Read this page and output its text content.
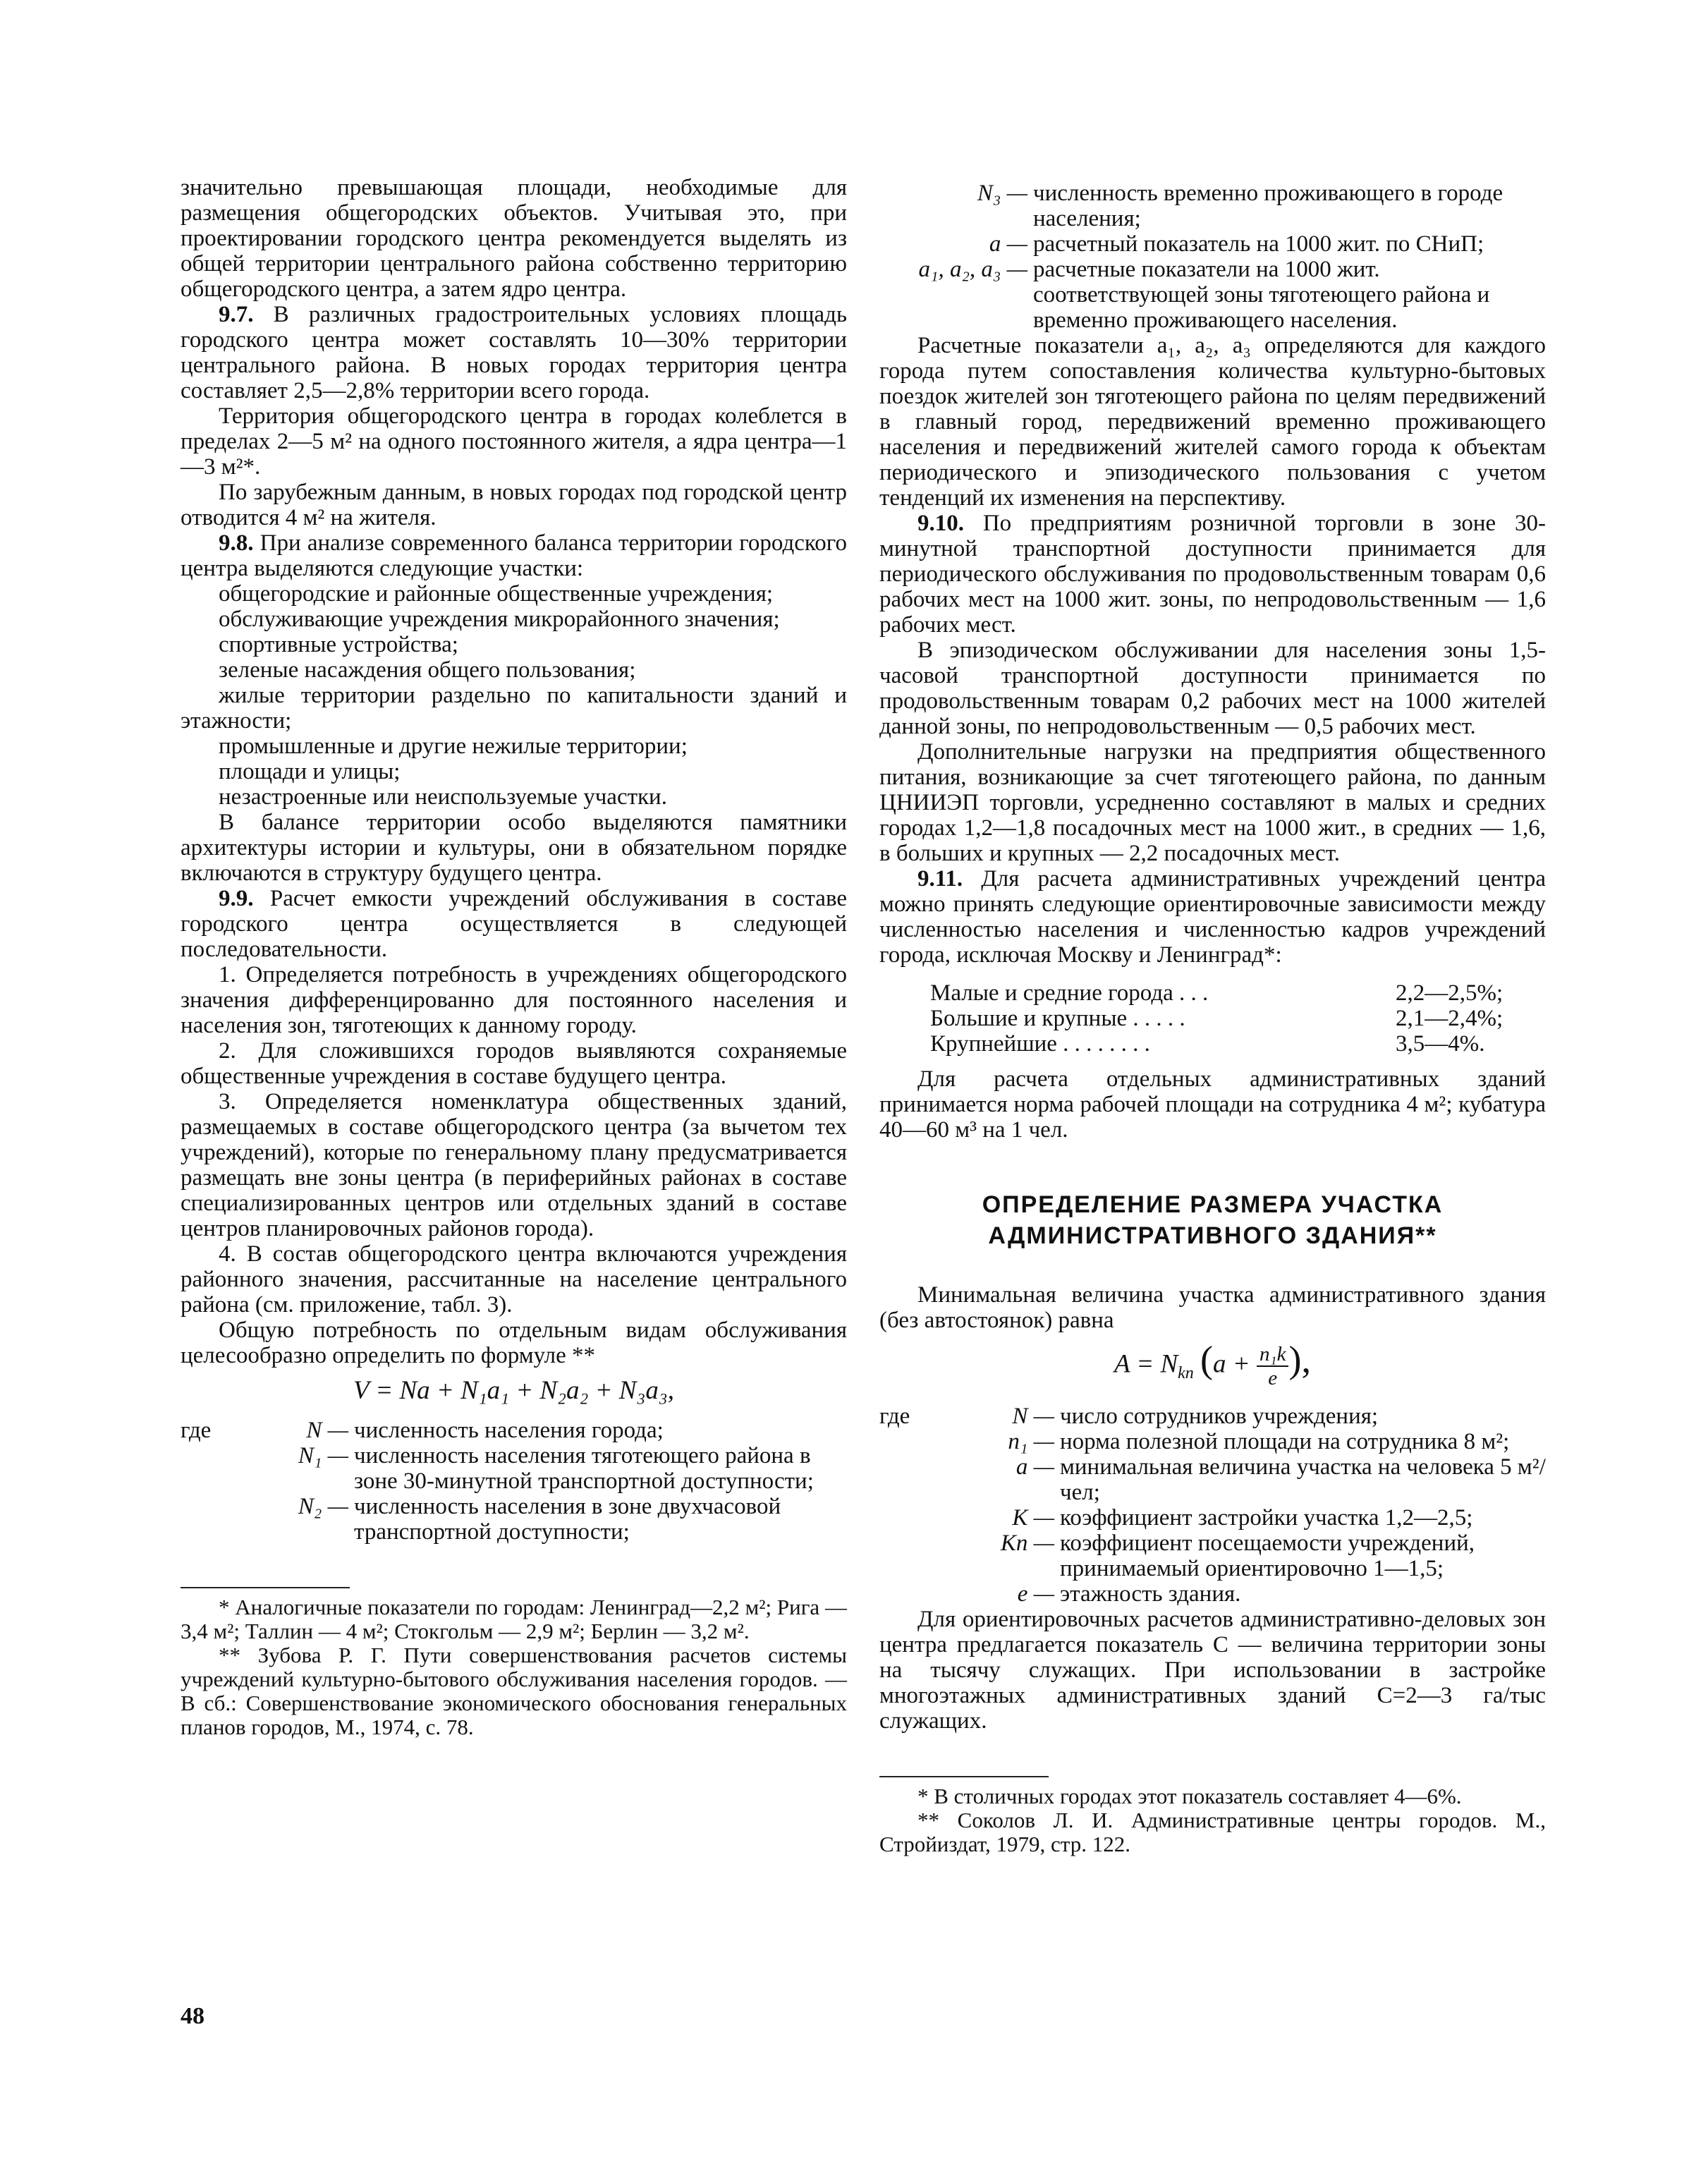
значительно превышающая площади, необходимые для размещения общегородских объектов. Учитывая это, при проектировании городского центра рекомендуется выделять из общей территории центрального района собственно территорию общегородского центра, а затем ядро центра.

9.7. В различных градостроительных условиях площадь городского центра может составлять 10—30% территории центрального района. В новых городах территория центра составляет 2,5—2,8% территории всего города.

Территория общегородского центра в городах колеблется в пределах 2—5 м² на одного постоянного жителя, а ядра центра—1—3 м²*.

По зарубежным данным, в новых городах под городской центр отводится 4 м² на жителя.

9.8. При анализе современного баланса территории городского центра выделяются следующие участки:

общегородские и районные общественные учреждения;

обслуживающие учреждения микрорайонного значения;

спортивные устройства;

зеленые насаждения общего пользования;

жилые территории раздельно по капитальности зданий и этажности;

промышленные и другие нежилые территории;

площади и улицы;

незастроенные или неиспользуемые участки.

В балансе территории особо выделяются памятники архитектуры истории и культуры, они в обязательном порядке включаются в структуру будущего центра.

9.9. Расчет емкости учреждений обслуживания в составе городского центра осуществляется в следующей последовательности.

1. Определяется потребность в учреждениях общегородского значения дифференцированно для постоянного населения и населения зон, тяготеющих к данному городу.

2. Для сложившихся городов выявляются сохраняемые общественные учреждения в составе будущего центра.

3. Определяется номенклатура общественных зданий, размещаемых в составе общегородского центра (за вычетом тех учреждений), которые по генеральному плану предусматривается размещать вне зоны центра (в периферийных районах в составе специализированных центров или отдельных зданий в составе центров планировочных районов города).

4. В состав общегородского центра включаются учреждения районного значения, рассчитанные на население центрального района (см. приложение, табл. 3).

Общую потребность по отдельным видам обслуживания целесообразно определить по формуле **

V = Na + N₁a₁ + N₂a₂ + N₃a₃,
где	N — численность населения города;
N₁ — численность населения тяготеющего района в зоне 30-минутной транспортной доступности;
N₂ — численность населения в зоне двухчасовой транспортной доступности;

* Аналогичные показатели по городам: Ленинград—2,2 м²; Рига — 3,4 м²; Таллин — 4 м²; Стокгольм — 2,9 м²; Берлин — 3,2 м².

** Зубова Р. Г. Пути совершенствования расчетов системы учреждений культурно-бытового обслуживания населения городов. — В сб.: Совершенствование экономического обоснования генеральных планов городов, М., 1974, с. 78.

N₃ — численность временно проживающего в городе населения;
a — расчетный показатель на 1000 жит. по СНиП;
a₁, a₂, a₃ — расчетные показатели на 1000 жит. соответствующей зоны тяготеющего района и временно проживающего населения.

Расчетные показатели a₁, a₂, a₃ определяются для каждого города путем сопоставления количества культурно-бытовых поездок жителей зон тяготеющего района по целям передвижений в главный город, передвижений временно проживающего населения и передвижений жителей самого города к объектам периодического и эпизодического пользования с учетом тенденций их изменения на перспективу.

9.10. По предприятиям розничной торговли в зоне 30-минутной транспортной доступности принимается для периодического обслуживания по продовольственным товарам 0,6 рабочих мест на 1000 жит. зоны, по непродовольственным — 1,6 рабочих мест.

В эпизодическом обслуживании для населения зоны 1,5-часовой транспортной доступности принимается по продовольственным товарам 0,2 рабочих мест на 1000 жителей данной зоны, по непродовольственным — 0,5 рабочих мест.

Дополнительные нагрузки на предприятия общественного питания, возникающие за счет тяготеющего района, по данным ЦНИИЭП торговли, усредненно составляют в малых и средних городах 1,2—1,8 посадочных мест на 1000 жит., в средних — 1,6, в больших и крупных — 2,2 посадочных мест.

9.11. Для расчета административных учреждений центра можно принять следующие ориентировочные зависимости между численностью населения и численностью кадров учреждений города, исключая Москву и Ленинград*:

Малые и средние города . . .	2,2—2,5%;
Большие и крупные . . . . .	2,1—2,4%;
Крупнейшие . . . . . . . .	3,5—4%.

Для расчета отдельных административных зданий принимается норма рабочей площади на сотрудника 4 м²; кубатура 40—60 м³ на 1 чел.

ОПРЕДЕЛЕНИЕ РАЗМЕРА УЧАСТКА
АДМИНИСТРАТИВНОГО ЗДАНИЯ**

Минимальная величина участка административного здания (без автостоянок) равна

$A = N_{kп}$ ($a + \frac{\text{n₁k}}{e}$ ),
где	N — число сотрудников учреждения;
n₁ — норма полезной площади на сотрудника 8 м²;
a — минимальная величина участка на человека 5 м²/чел;
K — коэффициент застройки участка 1,2—2,5;
Kп — коэффициент посещаемости учреждений, принимаемый ориентировочно 1—1,5;
e — этажность здания.

Для ориентировочных расчетов административно-деловых зон центра предлагается показатель C — величина территории зоны на тысячу служащих. При использовании в застройке многоэтажных административных зданий C=2—3 га/тыс служащих.

* В столичных городах этот показатель составляет 4—6%.

** Соколов Л. И. Административные центры городов. М., Стройиздат, 1979, стр. 122.

48
